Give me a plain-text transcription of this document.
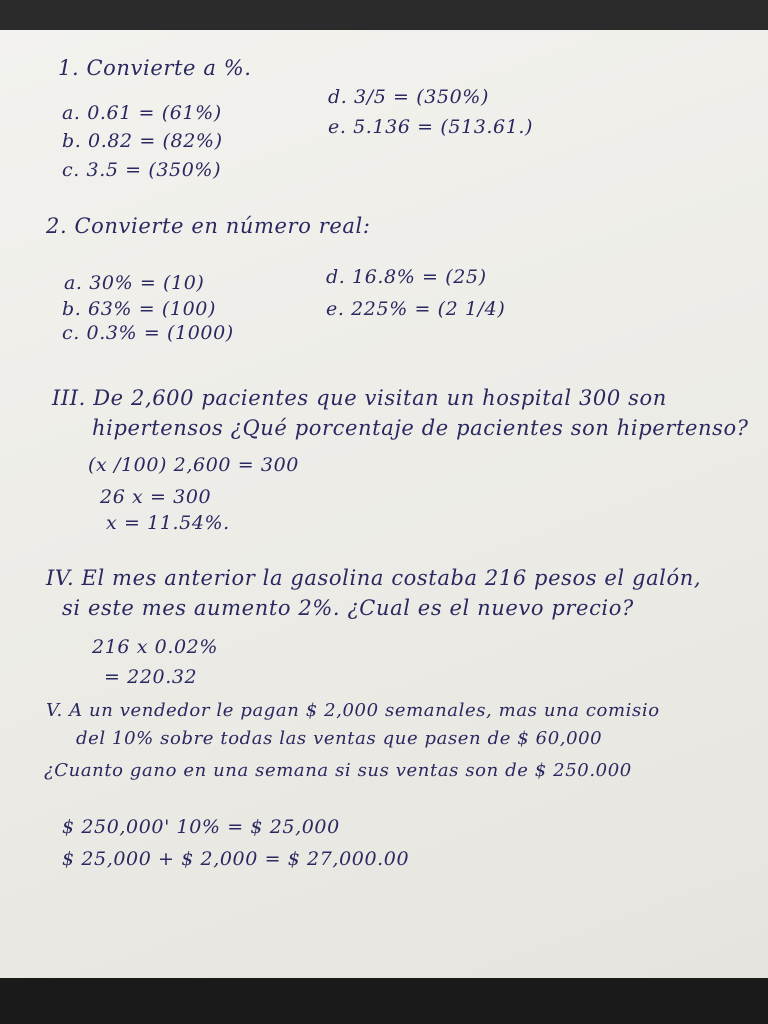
1. Convierte a %.
a. 0.61 = (61%)
b. 0.82 = (82%)
c. 3.5 = (350%)
d. 3/5 = (350%)
e. 5.136 = (513.61.)
2. Convierte en número real:
a. 30% = (10)
b. 63% = (100)
c. 0.3% = (1000)
d. 16.8% = (25)
e. 225% = (2 1/4)
III. De 2,600 pacientes que visitan un hospital 300 son
hipertensos ¿Qué porcentaje de pacientes son hipertenso?
(x /100) 2,600 = 300
26 x = 300
x = 11.54%.
IV. El mes anterior la gasolina costaba 216 pesos el galón,
si este mes aumento 2%. ¿Cual es el nuevo precio?
216 x 0.02%
= 220.32
V. A un vendedor le pagan $ 2,000 semanales, mas una comisio
del 10% sobre todas las ventas que pasen de $ 60,000
¿Cuanto gano en una semana si sus ventas son de $ 250.000
$ 250,000' 10% = $ 25,000
$ 25,000 + $ 2,000 = $ 27,000.00
